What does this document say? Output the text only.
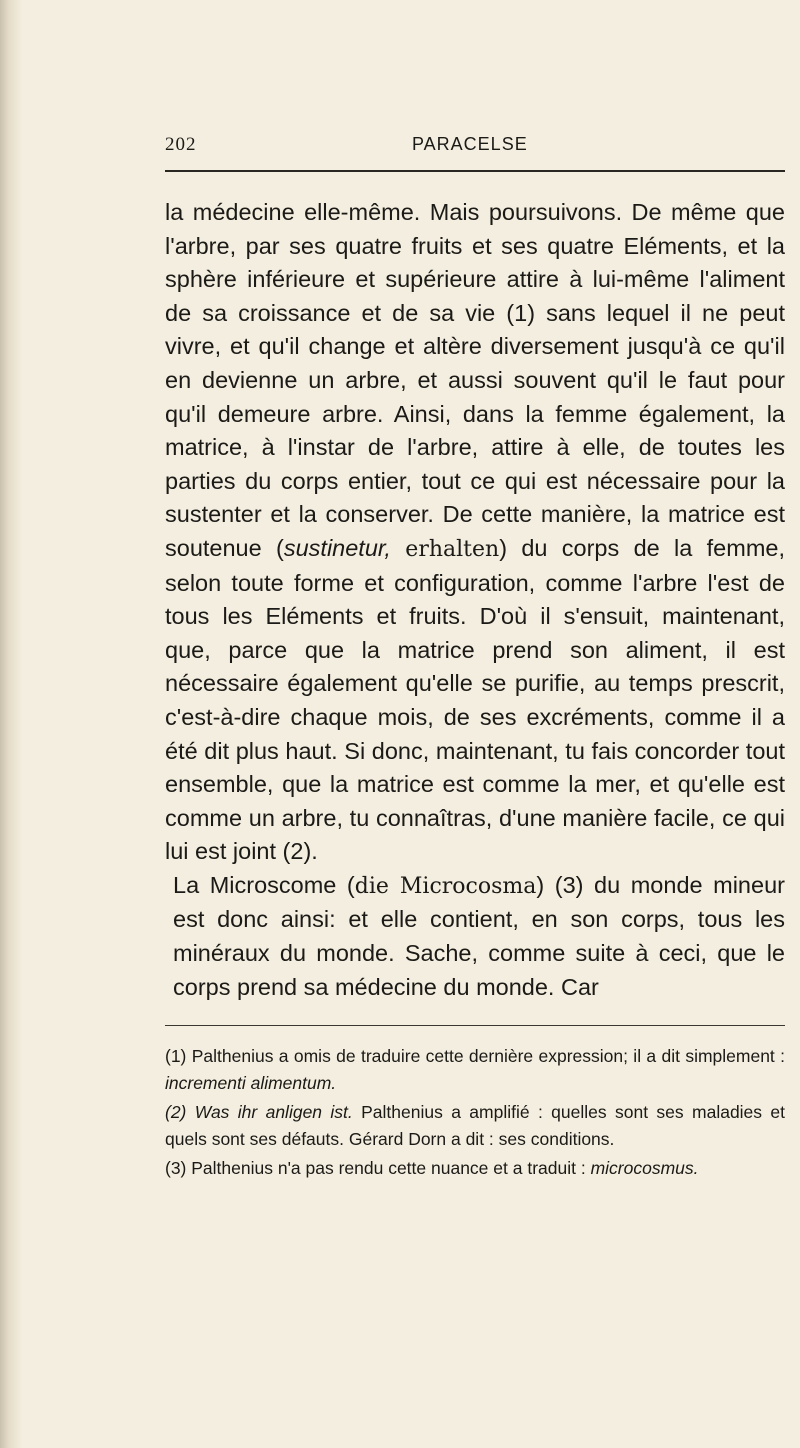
202	PARACELSE

la médecine elle-même. Mais poursuivons. De même que l'arbre, par ses quatre fruits et ses quatre Eléments, et la sphère inférieure et supérieure attire à lui-même l'aliment de sa croissance et de sa vie (1) sans lequel il ne peut vivre, et qu'il change et altère diversement jusqu'à ce qu'il en devienne un arbre, et aussi souvent qu'il le faut pour qu'il demeure arbre. Ainsi, dans la femme également, la matrice, à l'instar de l'arbre, attire à elle, de toutes les parties du corps entier, tout ce qui est nécessaire pour la sustenter et la conserver. De cette manière, la matrice est soutenue (sustinetur, erhalten) du corps de la femme, selon toute forme et configuration, comme l'arbre l'est de tous les Eléments et fruits. D'où il s'ensuit, maintenant, que, parce que la matrice prend son aliment, il est nécessaire également qu'elle se purifie, au temps prescrit, c'est-à-dire chaque mois, de ses excréments, comme il a été dit plus haut. Si donc, maintenant, tu fais concorder tout ensemble, que la matrice est comme la mer, et qu'elle est comme un arbre, tu connaîtras, d'une manière facile, ce qui lui est joint (2).

La Microscome (die Microcosma) (3) du monde mineur est donc ainsi: et elle contient, en son corps, tous les minéraux du monde. Sache, comme suite à ceci, que le corps prend sa médecine du monde. Car

(1) Palthenius a omis de traduire cette dernière expression; il a dit simplement : incrementi alimentum.

(2) Was ihr anligen ist. Palthenius a amplifié : quelles sont ses maladies et quels sont ses défauts. Gérard Dorn a dit : ses conditions.

(3) Palthenius n'a pas rendu cette nuance et a traduit : microcosmus.
